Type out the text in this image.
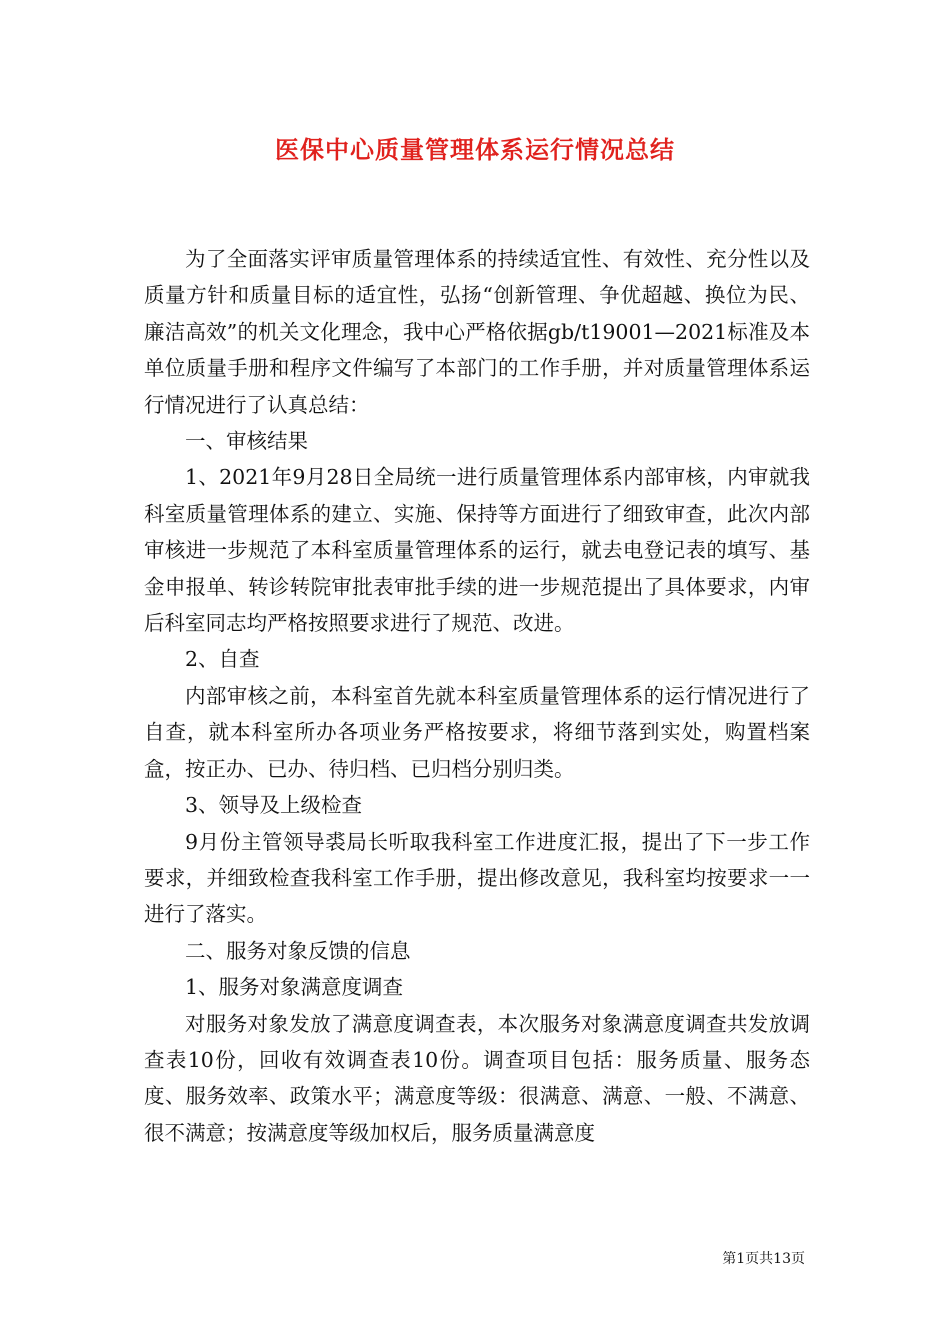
医保中心质量管理体系运行情况总结

为了全面落实评审质量管理体系的持续适宜性、有效性、充分性以及质量方针和质量目标的适宜性，弘扬“创新管理、争优超越、换位为民、廉洁高效”的机关文化理念，我中心严格依据gb/t19001—2021标准及本单位质量手册和程序文件编写了本部门的工作手册，并对质量管理体系运行情况进行了认真总结：

一、审核结果

1、2021年9月28日全局统一进行质量管理体系内部审核，内审就我科室质量管理体系的建立、实施、保持等方面进行了细致审查，此次内部审核进一步规范了本科室质量管理体系的运行，就去电登记表的填写、基金申报单、转诊转院审批表审批手续的进一步规范提出了具体要求，内审后科室同志均严格按照要求进行了规范、改进。

2、自查

内部审核之前，本科室首先就本科室质量管理体系的运行情况进行了自查，就本科室所办各项业务严格按要求，将细节落到实处，购置档案盒，按正办、已办、待归档、已归档分别归类。

3、领导及上级检查

9月份主管领导裘局长听取我科室工作进度汇报，提出了下一步工作要求，并细致检查我科室工作手册，提出修改意见，我科室均按要求一一进行了落实。

二、服务对象反馈的信息

1、服务对象满意度调查

对服务对象发放了满意度调查表，本次服务对象满意度调查共发放调查表10份，回收有效调查表10份。调查项目包括：服务质量、服务态度、服务效率、政策水平；满意度等级：很满意、满意、一般、不满意、很不满意；按满意度等级加权后，服务质量满意度

第1页共13页
